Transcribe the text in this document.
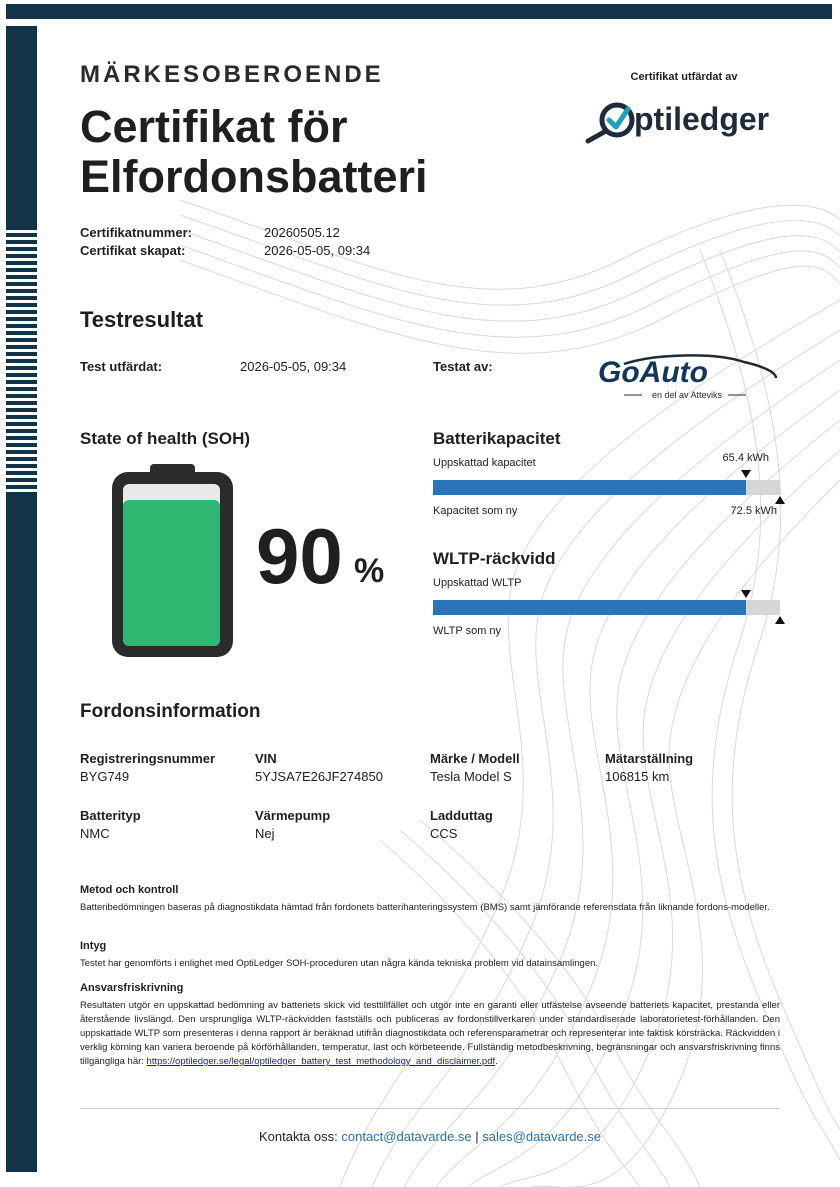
MÄRKESOBEROENDE
Certifikat för Elfordonsbatteri
Certifikat utfärdat av
ptiledger
Certifikatnummer:	20260505.12
Certifikat skapat:	2026-05-05, 09:34
Testresultat
Test utfärdat:	2026-05-05, 09:34	Testat av:	GoAuto
en del av Atteviks
State of health (SOH)
90 %
Batterikapacitet
Uppskattad kapacitet	65.4 kWh
Kapacitet som ny	72.5 kWh
WLTP-räckvidd
Uppskattad WLTP
WLTP som ny
Fordonsinformation
Registreringsnummer
BYG749
VIN
5YJSA7E26JF274850
Märke / Modell
Tesla Model S
Mätarställning
106815 km
Batterityp
NMC
Värmepump
Nej
Ladduttag
CCS
Metod och kontroll
Batteribedömningen baseras på diagnostikdata hämtad från fordonets batterihanteringssystem (BMS) samt jämförande referensdata från liknande fordons-modeller.
Intyg
Testet har genomförts i enlighet med OptiLedger SOH-proceduren utan några kända tekniska problem vid datainsamlingen.
Ansvarsfriskrivning
Resultaten utgör en uppskattad bedömning av batteriets skick vid testtillfället och utgör inte en garanti eller utfästelse avseende batteriets kapacitet, prestanda eller återstående livslängd. Den ursprungliga WLTP-räckvidden fastställs och publiceras av fordonstillverkaren under standardiserade laboratorietest-förhållanden. Den uppskattade WLTP som presenteras i denna rapport är beräknad utifrån diagnostikdata och referensparametrar och representerar inte faktisk körsträcka. Räckvidden i verklig körning kan variera beroende på körförhållanden, temperatur, last och körbeteende. Fullständig metodbeskrivning, begränsningar och ansvarsfriskrivning finns tillgängliga här: https://optiledger.se/legal/optiledger_battery_test_methodology_and_disclaimer.pdf.
Kontakta oss: contact@datavarde.se | sales@datavarde.se
